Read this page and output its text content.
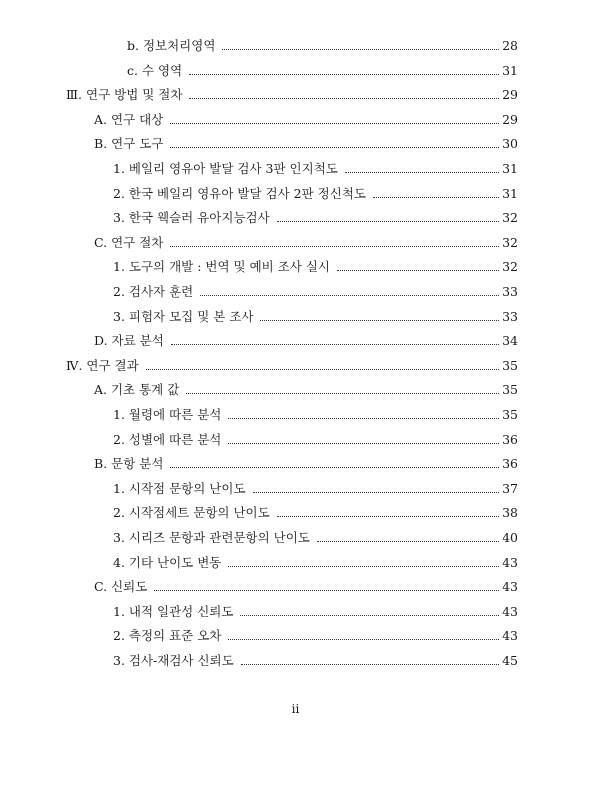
b. 정보처리영역	28
c. 수 영역	31
Ⅲ. 연구 방법 및 절차	29
A. 연구 대상	29
B. 연구 도구	30
1. 베일리 영유아 발달 검사 3판 인지척도	31
2. 한국 베일리 영유아 발달 검사 2판 정신척도	31
3. 한국 웩슬러 유아지능검사	32
C. 연구 절차	32
1. 도구의 개발 : 번역 및 예비 조사 실시	32
2. 검사자 훈련	33
3. 피험자 모집 및 본 조사	33
D. 자료 분석	34
Ⅳ. 연구 결과	35
A. 기초 통계 값	35
1. 월령에 따른 분석	35
2. 성별에 따른 분석	36
B. 문항 분석	36
1. 시작점 문항의 난이도	37
2. 시작점세트 문항의 난이도	38
3. 시리즈 문항과 관련문항의 난이도	40
4. 기타 난이도 변동	43
C. 신뢰도	43
1. 내적 일관성 신뢰도	43
2. 측정의 표준 오차	43
3. 검사-재검사 신뢰도	45
ii
